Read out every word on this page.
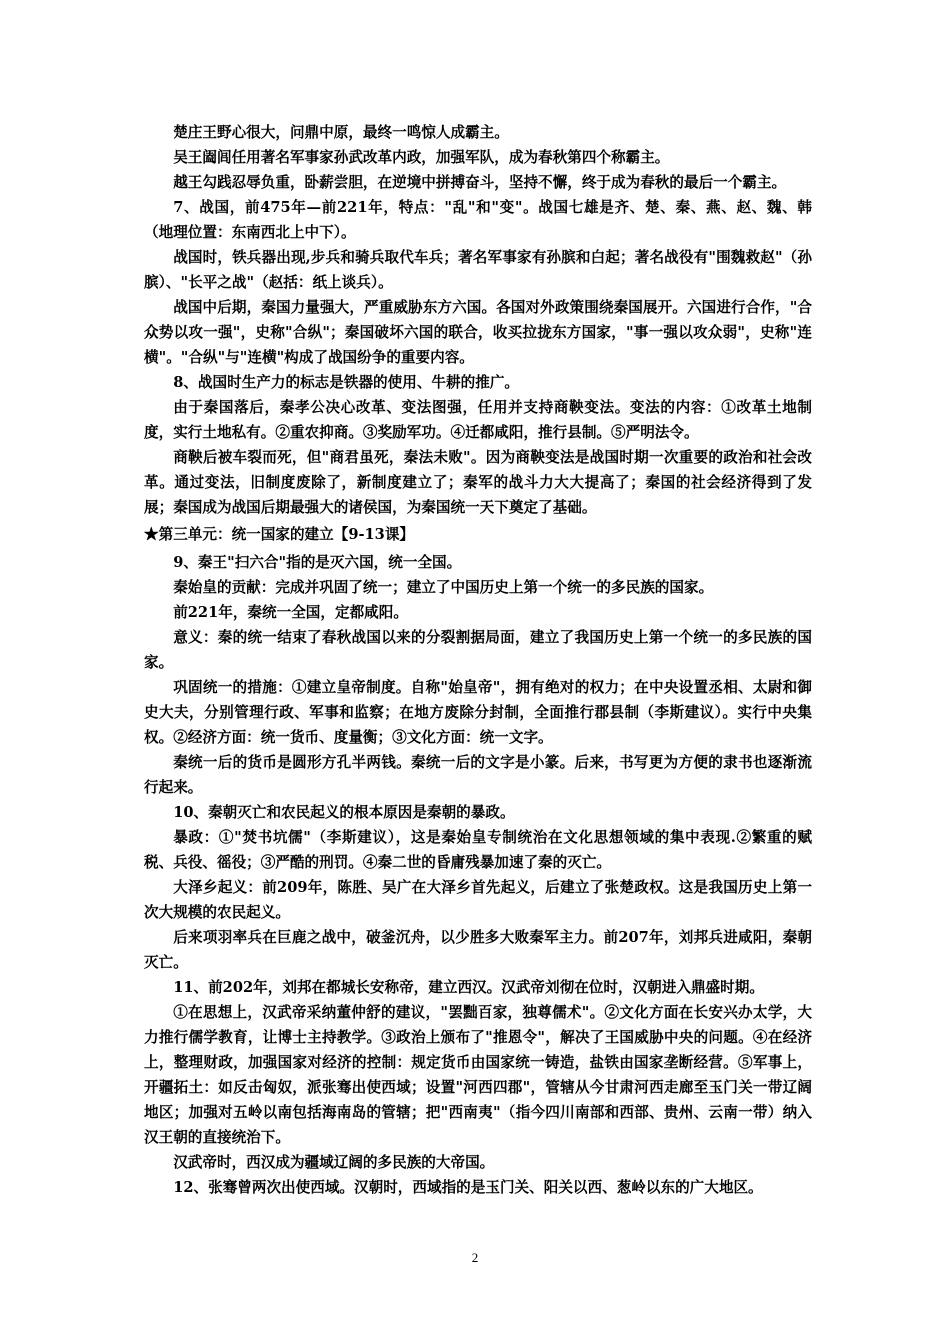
楚庄王野心很大，问鼎中原，最终一鸣惊人成霸主。

吴王阖闾任用著名军事家孙武改革内政，加强军队，成为春秋第四个称霸主。

越王勾践忍辱负重，卧薪尝胆，在逆境中拼搏奋斗，坚持不懈，终于成为春秋的最后一个霸主。

7、战国，前475年—前221年，特点："乱"和"变"。战国七雄是齐、楚、秦、燕、赵、魏、韩（地理位置：东南西北上中下）。

战国时，铁兵器出现,步兵和骑兵取代车兵；著名军事家有孙膑和白起；著名战役有"围魏救赵"（孙膑）、"长平之战"（赵括：纸上谈兵）。

战国中后期，秦国力量强大，严重威胁东方六国。各国对外政策围绕秦国展开。六国进行合作，"合众势以攻一强"，史称"合纵"；秦国破坏六国的联合，收买拉拢东方国家，"事一强以攻众弱"，史称"连横"。"合纵"与"连横"构成了战国纷争的重要内容。

8、战国时生产力的标志是铁器的使用、牛耕的推广。

由于秦国落后，秦孝公决心改革、变法图强，任用并支持商鞅变法。变法的内容：①改革土地制度，实行土地私有。②重农抑商。③奖励军功。④迁都咸阳，推行县制。⑤严明法令。

商鞅后被车裂而死，但"商君虽死，秦法未败"。因为商鞅变法是战国时期一次重要的政治和社会改革。通过变法，旧制度废除了，新制度建立了；秦军的战斗力大大提高了；秦国的社会经济得到了发展；秦国成为战国后期最强大的诸侯国，为秦国统一天下奠定了基础。

★第三单元：统一国家的建立【9-13课】

9、秦王"扫六合"指的是灭六国，统一全国。

秦始皇的贡献：完成并巩固了统一；建立了中国历史上第一个统一的多民族的国家。

前221年，秦统一全国，定都咸阳。

意义：秦的统一结束了春秋战国以来的分裂割据局面，建立了我国历史上第一个统一的多民族的国家。

巩固统一的措施：①建立皇帝制度。自称"始皇帝"，拥有绝对的权力；在中央设置丞相、太尉和御史大夫，分别管理行政、军事和监察；在地方废除分封制，全面推行郡县制（李斯建议）。实行中央集权。②经济方面：统一货币、度量衡；③文化方面：统一文字。

秦统一后的货币是圆形方孔半两钱。秦统一后的文字是小篆。后来，书写更为方便的隶书也逐渐流行起来。

10、秦朝灭亡和农民起义的根本原因是秦朝的暴政。

暴政：①"焚书坑儒"（李斯建议），这是秦始皇专制统治在文化思想领域的集中表现.②繁重的赋税、兵役、徭役；③严酷的刑罚。④秦二世的昏庸残暴加速了秦的灭亡。

大泽乡起义：前209年，陈胜、吴广在大泽乡首先起义，后建立了张楚政权。这是我国历史上第一次大规模的农民起义。

后来项羽率兵在巨鹿之战中，破釜沉舟，以少胜多大败秦军主力。前207年，刘邦兵进咸阳，秦朝灭亡。

11、前202年，刘邦在都城长安称帝，建立西汉。汉武帝刘彻在位时，汉朝进入鼎盛时期。

①在思想上，汉武帝采纳董仲舒的建议，"罢黜百家，独尊儒术"。②文化方面在长安兴办太学，大力推行儒学教育，让博士主持教学。③政治上颁布了"推恩令"，解决了王国威胁中央的问题。④在经济上，整理财政，加强国家对经济的控制：规定货币由国家统一铸造，盐铁由国家垄断经营。⑤军事上，开疆拓土：如反击匈奴，派张骞出使西域；设置"河西四郡"，管辖从今甘肃河西走廊至玉门关一带辽阔地区；加强对五岭以南包括海南岛的管辖；把"西南夷"（指今四川南部和西部、贵州、云南一带）纳入汉王朝的直接统治下。

汉武帝时，西汉成为疆域辽阔的多民族的大帝国。

12、张骞曾两次出使西域。汉朝时，西域指的是玉门关、阳关以西、葱岭以东的广大地区。

2
